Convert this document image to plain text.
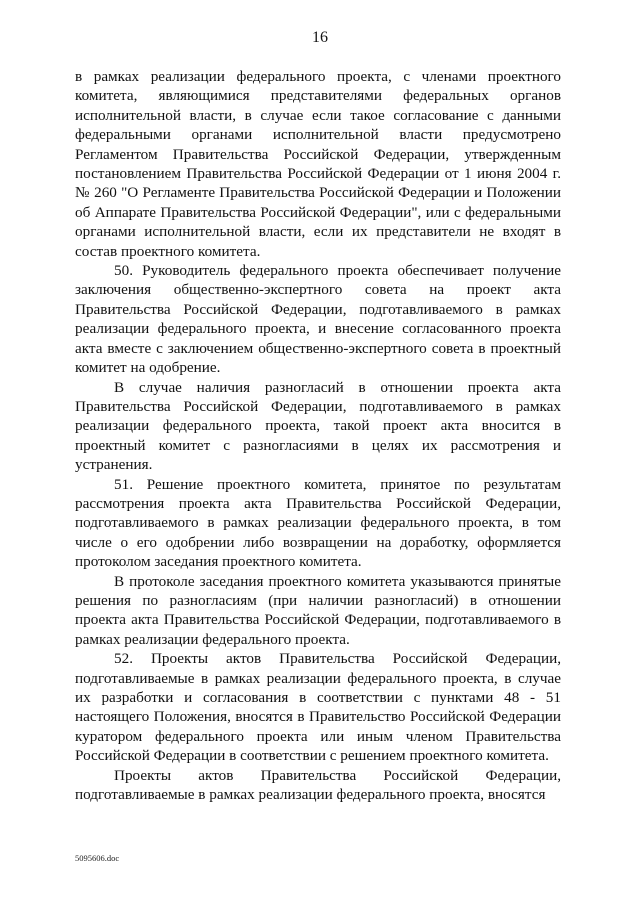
16

в рамках реализации федерального проекта, с членами проектного комитета, являющимися представителями федеральных органов исполнительной власти, в случае если такое согласование с данными федеральными органами исполнительной власти предусмотрено Регламентом Правительства Российской Федерации, утвержденным постановлением Правительства Российской Федерации от 1 июня 2004 г. № 260 "О Регламенте Правительства Российской Федерации и Положении об Аппарате Правительства Российской Федерации", или с федеральными органами исполнительной власти, если их представители не входят в состав проектного комитета.

50. Руководитель федерального проекта обеспечивает получение заключения общественно-экспертного совета на проект акта Правительства Российской Федерации, подготавливаемого в рамках реализации федерального проекта, и внесение согласованного проекта акта вместе с заключением общественно-экспертного совета в проектный комитет на одобрение.

В случае наличия разногласий в отношении проекта акта Правительства Российской Федерации, подготавливаемого в рамках реализации федерального проекта, такой проект акта вносится в проектный комитет с разногласиями в целях их рассмотрения и устранения.

51. Решение проектного комитета, принятое по результатам рассмотрения проекта акта Правительства Российской Федерации, подготавливаемого в рамках реализации федерального проекта, в том числе о его одобрении либо возвращении на доработку, оформляется протоколом заседания проектного комитета.

В протоколе заседания проектного комитета указываются принятые решения по разногласиям (при наличии разногласий) в отношении проекта акта Правительства Российской Федерации, подготавливаемого в рамках реализации федерального проекта.

52. Проекты актов Правительства Российской Федерации, подготавливаемые в рамках реализации федерального проекта, в случае их разработки и согласования в соответствии с пунктами 48 - 51 настоящего Положения, вносятся в Правительство Российской Федерации куратором федерального проекта или иным членом Правительства Российской Федерации в соответствии с решением проектного комитета.

Проекты актов Правительства Российской Федерации, подготавливаемые в рамках реализации федерального проекта, вносятся

5095606.doc
